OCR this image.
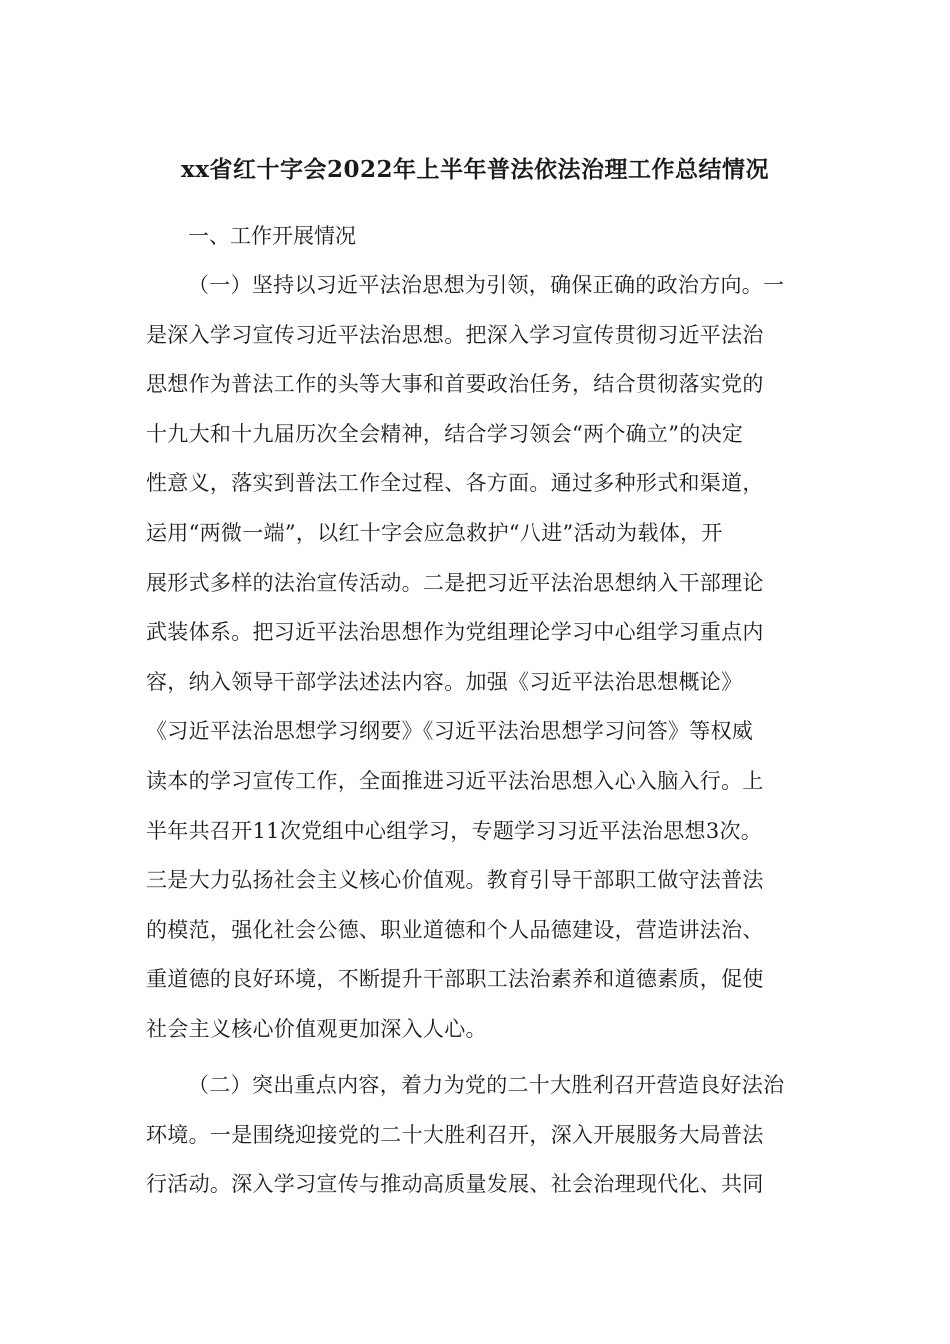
xx省红十字会2022年上半年普法依法治理工作总结情况
一、工作开展情况
（一）坚持以习近平法治思想为引领，确保正确的政治方向。一
是深入学习宣传习近平法治思想。把深入学习宣传贯彻习近平法治
思想作为普法工作的头等大事和首要政治任务，结合贯彻落实党的
十九大和十九届历次全会精神，结合学习领会“两个确立”的决定
性意义，落实到普法工作全过程、各方面。通过多种形式和渠道，
运用“两微一端”，以红十字会应急救护“八进”活动为载体，开
展形式多样的法治宣传活动。二是把习近平法治思想纳入干部理论
武装体系。把习近平法治思想作为党组理论学习中心组学习重点内
容，纳入领导干部学法述法内容。加强《习近平法治思想概论》
《习近平法治思想学习纲要》《习近平法治思想学习问答》等权威
读本的学习宣传工作，全面推进习近平法治思想入心入脑入行。上
半年共召开11次党组中心组学习，专题学习习近平法治思想3次。
三是大力弘扬社会主义核心价值观。教育引导干部职工做守法普法
的模范，强化社会公德、职业道德和个人品德建设，营造讲法治、
重道德的良好环境，不断提升干部职工法治素养和道德素质，促使
社会主义核心价值观更加深入人心。
（二）突出重点内容，着力为党的二十大胜利召开营造良好法治
环境。一是围绕迎接党的二十大胜利召开，深入开展服务大局普法
行活动。深入学习宣传与推动高质量发展、社会治理现代化、共同
